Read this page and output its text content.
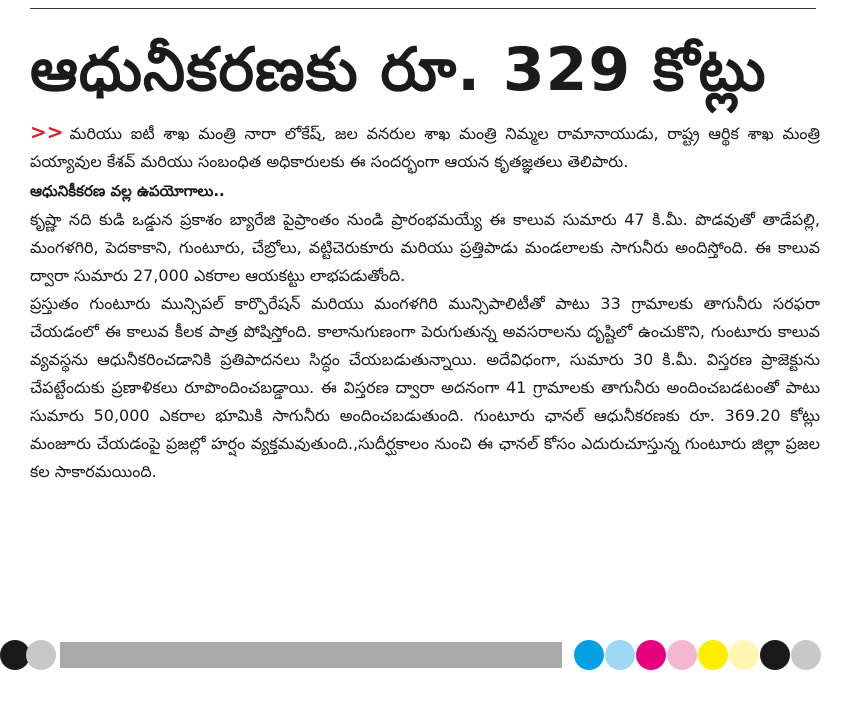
ఆధునీకరణకు రూ. 329 కోట్లు

>> మరియు ఐటీ శాఖ మంత్రి నారా లోకేష్, జల వనరుల శాఖ మంత్రి నిమ్మల రామానాయుడు, రాష్ట్ర ఆర్థిక శాఖ మంత్రి పయ్యావుల కేశవ్ మరియు సంబంధిత అధికారులకు ఈ సందర్భంగా ఆయన కృతజ్ఞతలు తెలిపారు.

ఆధునికీకరణ వల్ల ఉపయోగాలు..

కృష్ణా నది కుడి ఒడ్డున ప్రకాశం బ్యారేజి పైప్రాంతం నుండి ప్రారంభమయ్యే ఈ కాలువ సుమారు 47 కి.మీ. పొడవుతో తాడేపల్లి, మంగళగిరి, పెదకాకాని, గుంటూరు, చేబ్రోలు, వట్టిచెరుకూరు మరియు ప్రత్తిపాడు మండలాలకు సాగునీరు అందిస్తోంది. ఈ కాలువ ద్వారా సుమారు 27,000 ఎకరాల ఆయకట్టు లాభపడుతోంది.

ప్రస్తుతం గుంటూరు మున్సిపల్ కార్పొరేషన్ మరియు మంగళగిరి మున్సిపాలిటీతో పాటు 33 గ్రామాలకు తాగునీరు సరఫరా చేయడంలో ఈ కాలువ కీలక పాత్ర పోషిస్తోంది. కాలానుగుణంగా పెరుగుతున్న అవసరాలను దృష్టిలో ఉంచుకొని, గుంటూరు కాలువ వ్యవస్థను ఆధునీకరించడానికి ప్రతిపాదనలు సిద్ధం చేయబడుతున్నాయి. అదేవిధంగా, సుమారు 30 కి.మీ. విస్తరణ ప్రాజెక్టును చేపట్టేందుకు ప్రణాళికలు రూపొందించబడ్డాయి. ఈ విస్తరణ ద్వారా అదనంగా 41 గ్రామాలకు తాగునీరు అందించబడటంతో పాటు సుమారు 50,000 ఎకరాల భూమికి సాగునీరు అందించబడుతుంది. గుంటూరు ఛానల్ ఆధునీకరణకు రూ. 369.20 కోట్లు మంజూరు చేయడంపై ప్రజల్లో హర్షం వ్యక్తమవుతుంది.,సుదీర్ఘకాలం నుంచి ఈ ఛానల్ కోసం ఎదురుచూస్తున్న గుంటూరు జిల్లా ప్రజల కల సాకారమయింది.
